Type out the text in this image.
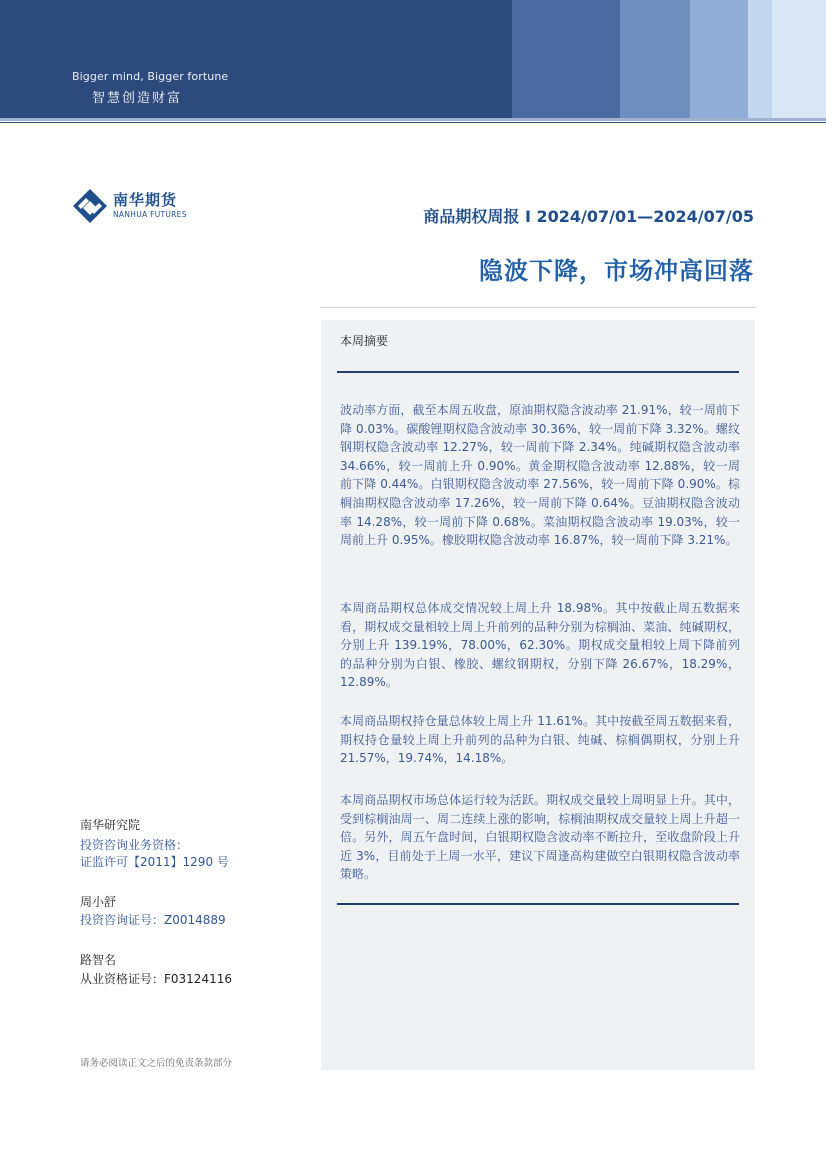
Bigger mind, Bigger fortune
智慧创造财富
南华期货
NANHUA FUTURES	商品期权周报 I 2024/07/01—2024/07/05
隐波下降，市场冲高回落
本周摘要
波动率方面，截至本周五收盘，原油期权隐含波动率 21.91%，较一周前下降 0.03%。碳酸锂期权隐含波动率 30.36%，较一周前下降 3.32%。螺纹钢期权隐含波动率 12.27%，较一周前下降 2.34%。纯碱期权隐含波动率 34.66%，较一周前上升 0.90%。黄金期权隐含波动率 12.88%，较一周前下降 0.44%。白银期权隐含波动率 27.56%，较一周前下降 0.90%。棕榈油期权隐含波动率 17.26%，较一周前下降 0.64%。豆油期权隐含波动率 14.28%，较一周前下降 0.68%。菜油期权隐含波动率 19.03%，较一周前上升 0.95%。橡胶期权隐含波动率 16.87%，较一周前下降 3.21%。
本周商品期权总体成交情况较上周上升 18.98%。其中按截止周五数据来看，期权成交量相较上周上升前列的品种分别为棕榈油、菜油、纯碱期权，分别上升 139.19%，78.00%，62.30%。期权成交量相较上周下降前列的品种分别为白银、橡胶、螺纹钢期权，分别下降 26.67%，18.29%，12.89%。
本周商品期权持仓量总体较上周上升 11.61%。其中按截至周五数据来看，期权持仓量较上周上升前列的品种为白银、纯碱、棕榈偶期权，分别上升 21.57%，19.74%，14.18%。
本周商品期权市场总体运行较为活跃。期权成交量较上周明显上升。其中，受到棕榈油周一、周二连续上涨的影响，棕榈油期权成交量较上周上升超一倍。另外，周五午盘时间，白银期权隐含波动率不断拉升，至收盘阶段上升近 3%，目前处于上周一水平，建议下周逢高构建做空白银期权隐含波动率策略。
南华研究院
投资咨询业务资格：
证监许可【2011】1290 号
周小舒
投资咨询证号：Z0014889
路智名
从业资格证号：F03124116
请务必阅读正文之后的免责条款部分
